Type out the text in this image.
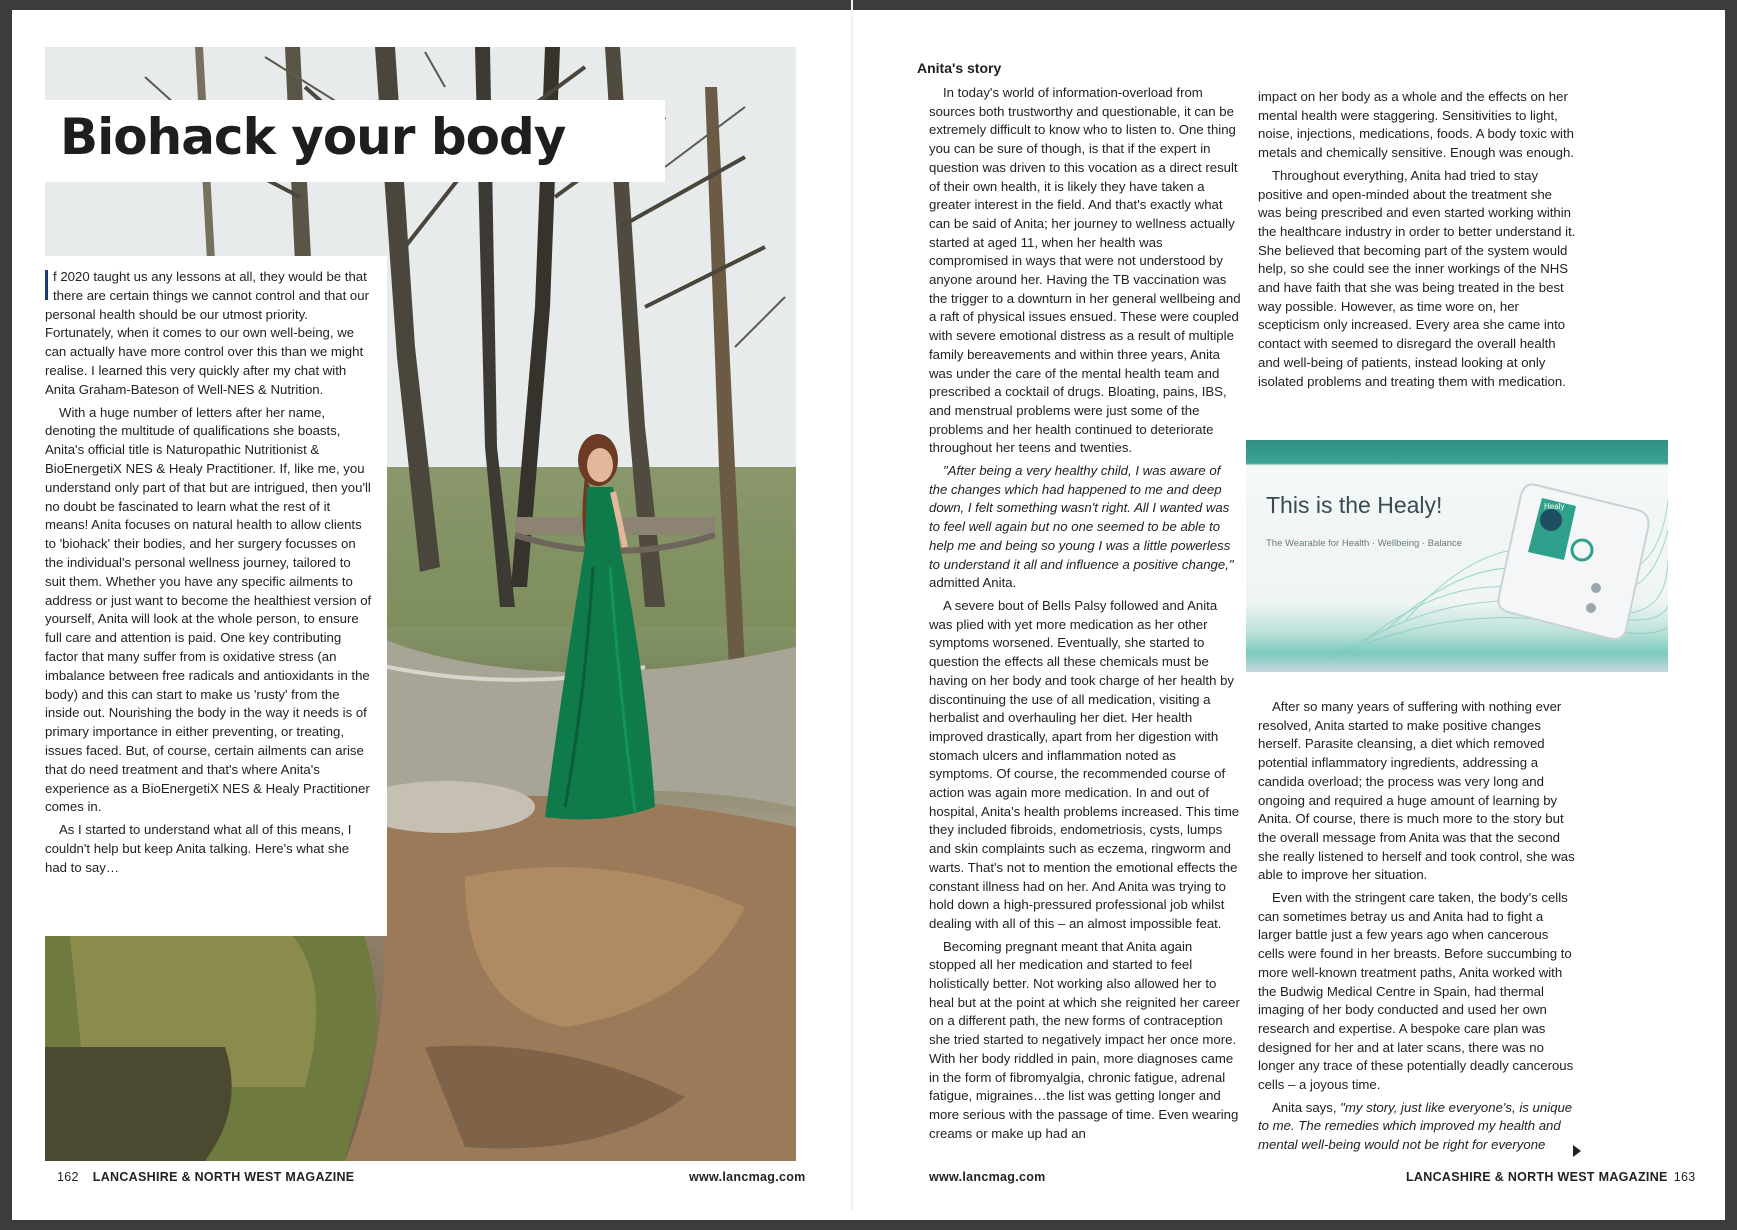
Biohack your body

f 2020 taught us any lessons at all, they would be that there are certain things we cannot control and that our personal health should be our utmost priority. Fortunately, when it comes to our own well-being, we can actually have more control over this than we might realise. I learned this very quickly after my chat with Anita Graham-Bateson of Well-NES & Nutrition.

With a huge number of letters after her name, denoting the multitude of qualifications she boasts, Anita's official title is Naturopathic Nutritionist & BioEnergetiX NES & Healy Practitioner. If, like me, you understand only part of that but are intrigued, then you'll no doubt be fascinated to learn what the rest of it means! Anita focuses on natural health to allow clients to 'biohack' their bodies, and her surgery focusses on the individual's personal wellness journey, tailored to suit them. Whether you have any specific ailments to address or just want to become the healthiest version of yourself, Anita will look at the whole person, to ensure full care and attention is paid. One key contributing factor that many suffer from is oxidative stress (an imbalance between free radicals and antioxidants in the body) and this can start to make us 'rusty' from the inside out. Nourishing the body in the way it needs is of primary importance in either preventing, or treating, issues faced. But, of course, certain ailments can arise that do need treatment and that's where Anita's experience as a BioEnergetiX NES & Healy Practitioner comes in.

As I started to understand what all of this means, I couldn't help but keep Anita talking. Here's what she had to say…

162 LANCASHIRE & NORTH WEST MAGAZINE	www.lancmag.com
Anita's story

In today's world of information-overload from sources both trustworthy and questionable, it can be extremely difficult to know who to listen to. One thing you can be sure of though, is that if the expert in question was driven to this vocation as a direct result of their own health, it is likely they have taken a greater interest in the field. And that's exactly what can be said of Anita; her journey to wellness actually started at aged 11, when her health was compromised in ways that were not understood by anyone around her. Having the TB vaccination was the trigger to a downturn in her general wellbeing and a raft of physical issues ensued. These were coupled with severe emotional distress as a result of multiple family bereavements and within three years, Anita was under the care of the mental health team and prescribed a cocktail of drugs. Bloating, pains, IBS, and menstrual problems were just some of the problems and her health continued to deteriorate throughout her teens and twenties.

"After being a very healthy child, I was aware of the changes which had happened to me and deep down, I felt something wasn't right. All I wanted was to feel well again but no one seemed to be able to help me and being so young I was a little powerless to understand it all and influence a positive change," admitted Anita.

A severe bout of Bells Palsy followed and Anita was plied with yet more medication as her other symptoms worsened. Eventually, she started to question the effects all these chemicals must be having on her body and took charge of her health by discontinuing the use of all medication, visiting a herbalist and overhauling her diet. Her health improved drastically, apart from her digestion with stomach ulcers and inflammation noted as symptoms. Of course, the recommended course of action was again more medication. In and out of hospital, Anita's health problems increased. This time they included fibroids, endometriosis, cysts, lumps and skin complaints such as eczema, ringworm and warts. That's not to mention the emotional effects the constant illness had on her. And Anita was trying to hold down a high-pressured professional job whilst dealing with all of this – an almost impossible feat.

Becoming pregnant meant that Anita again stopped all her medication and started to feel holistically better. Not working also allowed her to heal but at the point at which she reignited her career on a different path, the new forms of contraception she tried started to negatively impact her once more. With her body riddled in pain, more diagnoses came in the form of fibromyalgia, chronic fatigue, adrenal fatigue, migraines…the list was getting longer and more serious with the passage of time. Even wearing creams or make up had an

impact on her body as a whole and the effects on her mental health were staggering. Sensitivities to light, noise, injections, medications, foods. A body toxic with metals and chemically sensitive. Enough was enough.

Throughout everything, Anita had tried to stay positive and open-minded about the treatment she was being prescribed and even started working within the healthcare industry in order to better understand it. She believed that becoming part of the system would help, so she could see the inner workings of the NHS and have faith that she was being treated in the best way possible. However, as time wore on, her scepticism only increased. Every area she came into contact with seemed to disregard the overall health and well-being of patients, instead looking at only isolated problems and treating them with medication.

Healy
This is the Healy!
The Wearable for Health · Wellbeing · Balance

After so many years of suffering with nothing ever resolved, Anita started to make positive changes herself. Parasite cleansing, a diet which removed potential inflammatory ingredients, addressing a candida overload; the process was very long and ongoing and required a huge amount of learning by Anita. Of course, there is much more to the story but the overall message from Anita was that the second she really listened to herself and took control, she was able to improve her situation.

Even with the stringent care taken, the body's cells can sometimes betray us and Anita had to fight a larger battle just a few years ago when cancerous cells were found in her breasts. Before succumbing to more well-known treatment paths, Anita worked with the Budwig Medical Centre in Spain, had thermal imaging of her body conducted and used her own research and expertise. A bespoke care plan was designed for her and at later scans, there was no longer any trace of these potentially deadly cancerous cells – a joyous time.

Anita says, "my story, just like everyone's, is unique to me. The remedies which improved my health and mental well-being would not be right for everyone

www.lancmag.com	LANCASHIRE & NORTH WEST MAGAZINE 163
